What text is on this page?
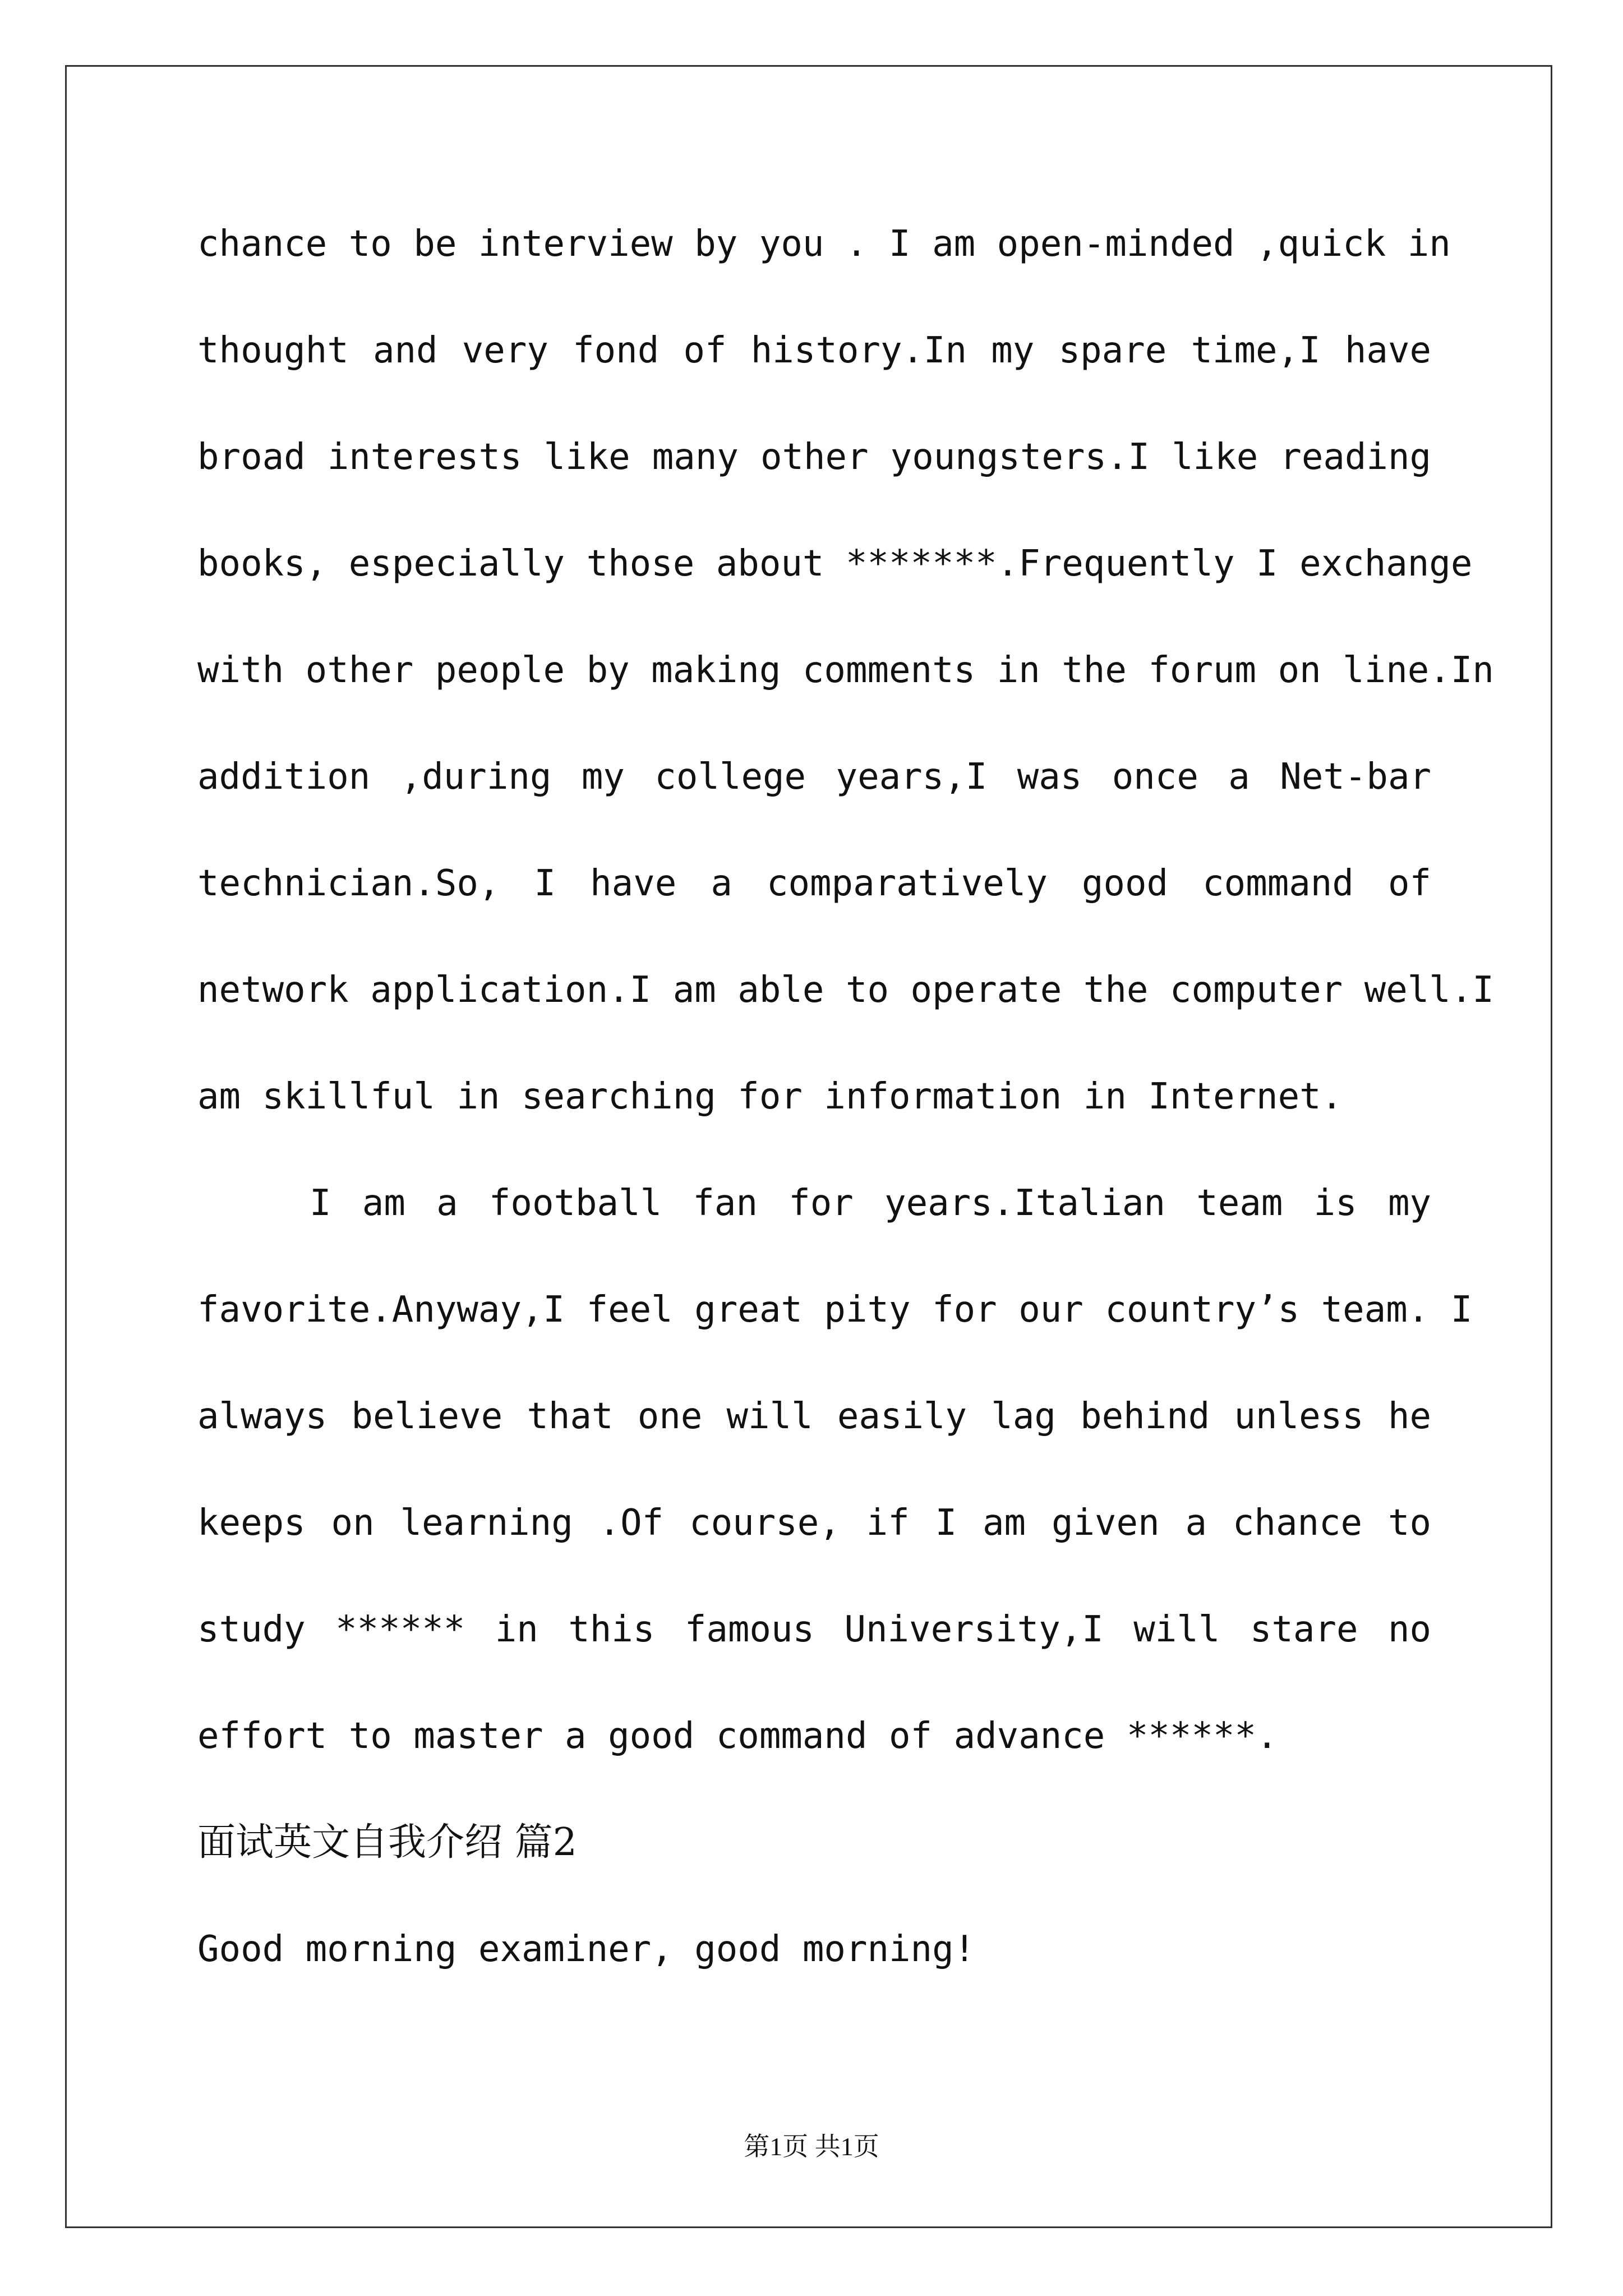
chance to be interview by you . I am open-minded ,quick in
thought and very fond of history.In my spare time,I have
broad interests like many other youngsters.I like reading
books, especially those about *******.Frequently I exchange
with other people by making comments in the forum on line.In
addition ,during my college years,I was once a Net-bar
technician.So, I have a comparatively good command of
network application.I am able to operate the computer well.I
am skillful in searching for information in Internet.
I am a football fan for years.Italian team is my
favorite.Anyway,I feel great pity for our country’s team. I
always believe that one will easily lag behind unless he
keeps on learning .Of course, if I am given a chance to
study ****** in this famous University,I will stare no
effort to master a good command of advance ******.
面试英文自我介绍 篇2
Good morning examiner, good morning!
第1页 共1页
